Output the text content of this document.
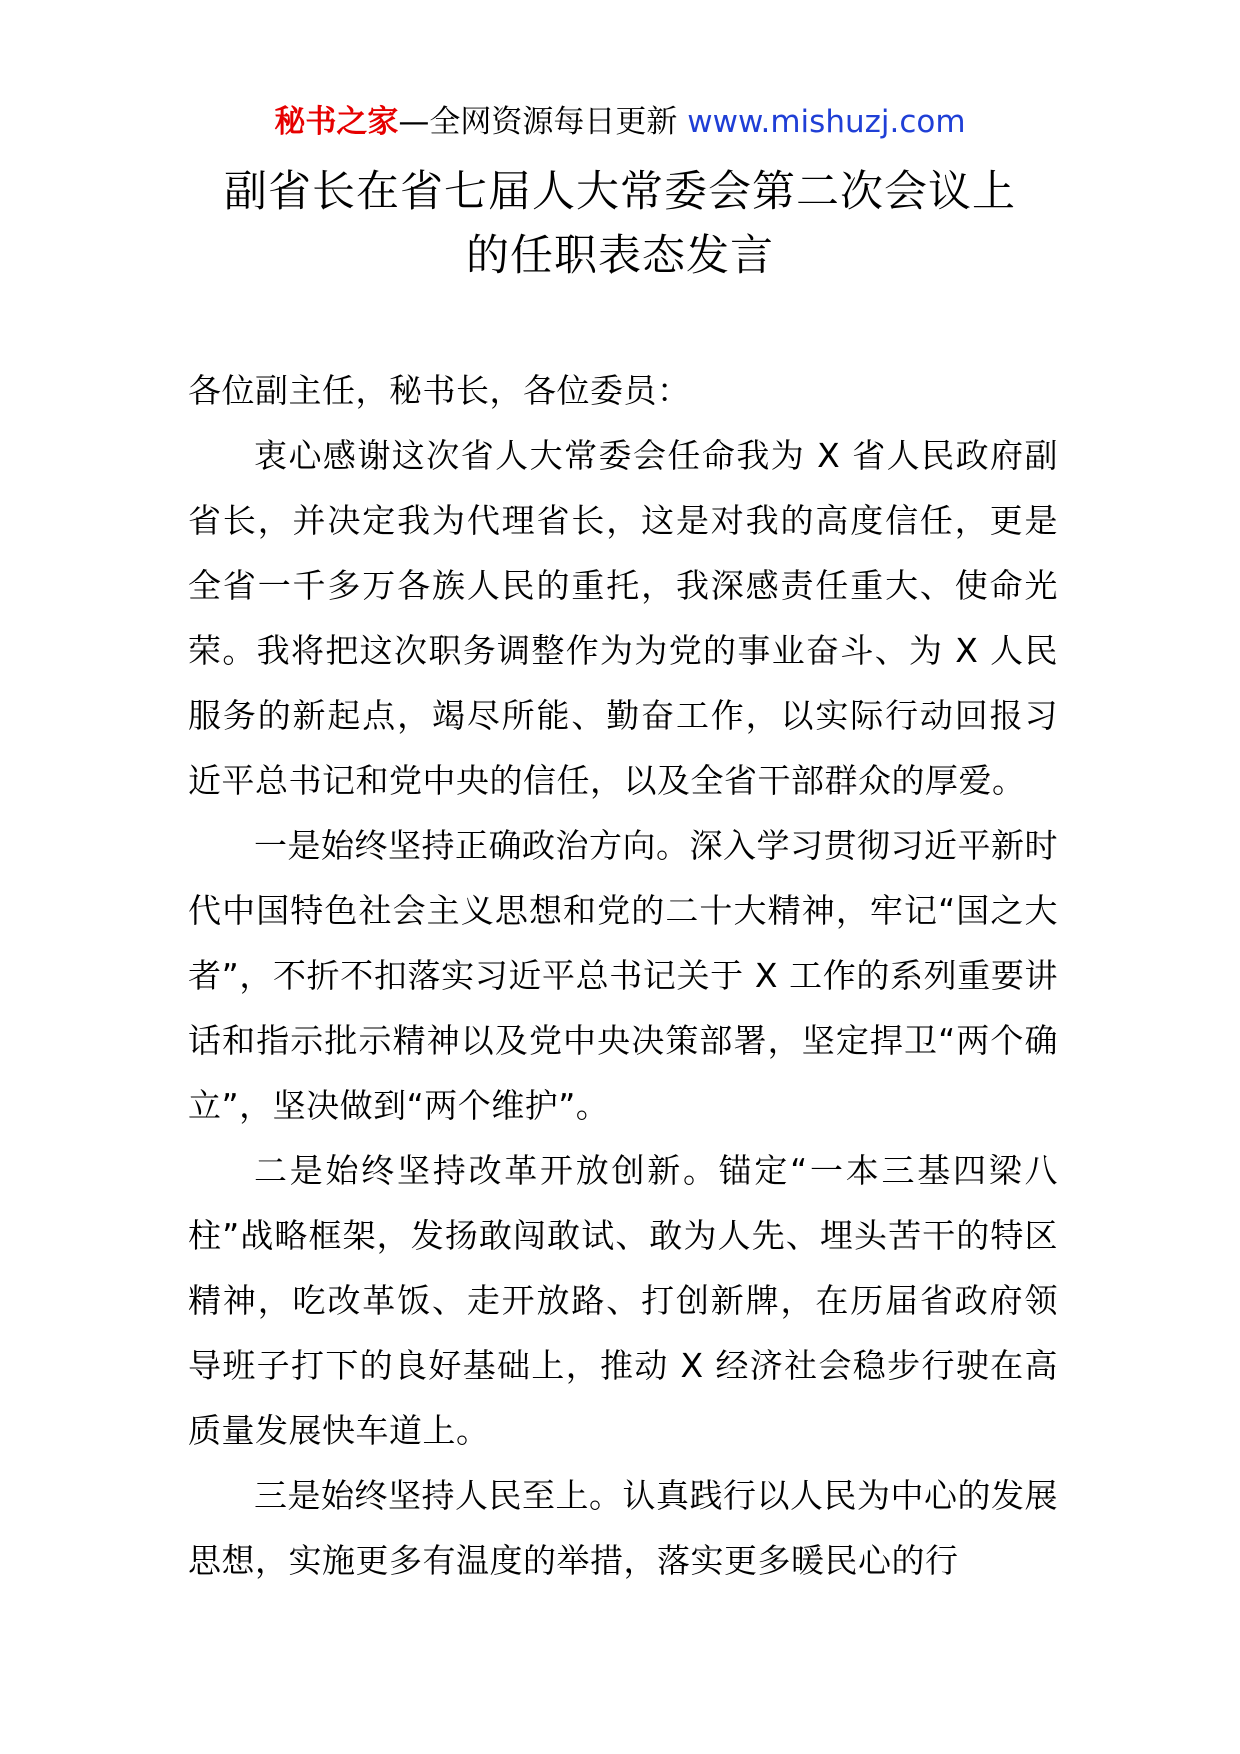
秘书之家—全网资源每日更新 www.mishuzj.com
副省长在省七届人大常委会第二次会议上
的任职表态发言

各位副主任，秘书长，各位委员：

衷心感谢这次省人大常委会任命我为 X 省人民政府副省长，并决定我为代理省长，这是对我的高度信任，更是全省一千多万各族人民的重托，我深感责任重大、使命光荣。我将把这次职务调整作为为党的事业奋斗、为 X 人民服务的新起点，竭尽所能、勤奋工作，以实际行动回报习近平总书记和党中央的信任，以及全省干部群众的厚爱。

一是始终坚持正确政治方向。深入学习贯彻习近平新时代中国特色社会主义思想和党的二十大精神，牢记“国之大者”，不折不扣落实习近平总书记关于 X 工作的系列重要讲话和指示批示精神以及党中央决策部署，坚定捍卫“两个确立”，坚决做到“两个维护”。

二是始终坚持改革开放创新。锚定“一本三基四梁八柱”战略框架，发扬敢闯敢试、敢为人先、埋头苦干的特区精神，吃改革饭、走开放路、打创新牌，在历届省政府领导班子打下的良好基础上，推动 X 经济社会稳步行驶在高质量发展快车道上。

三是始终坚持人民至上。认真践行以人民为中心的发展思想，实施更多有温度的举措，落实更多暖民心的行
